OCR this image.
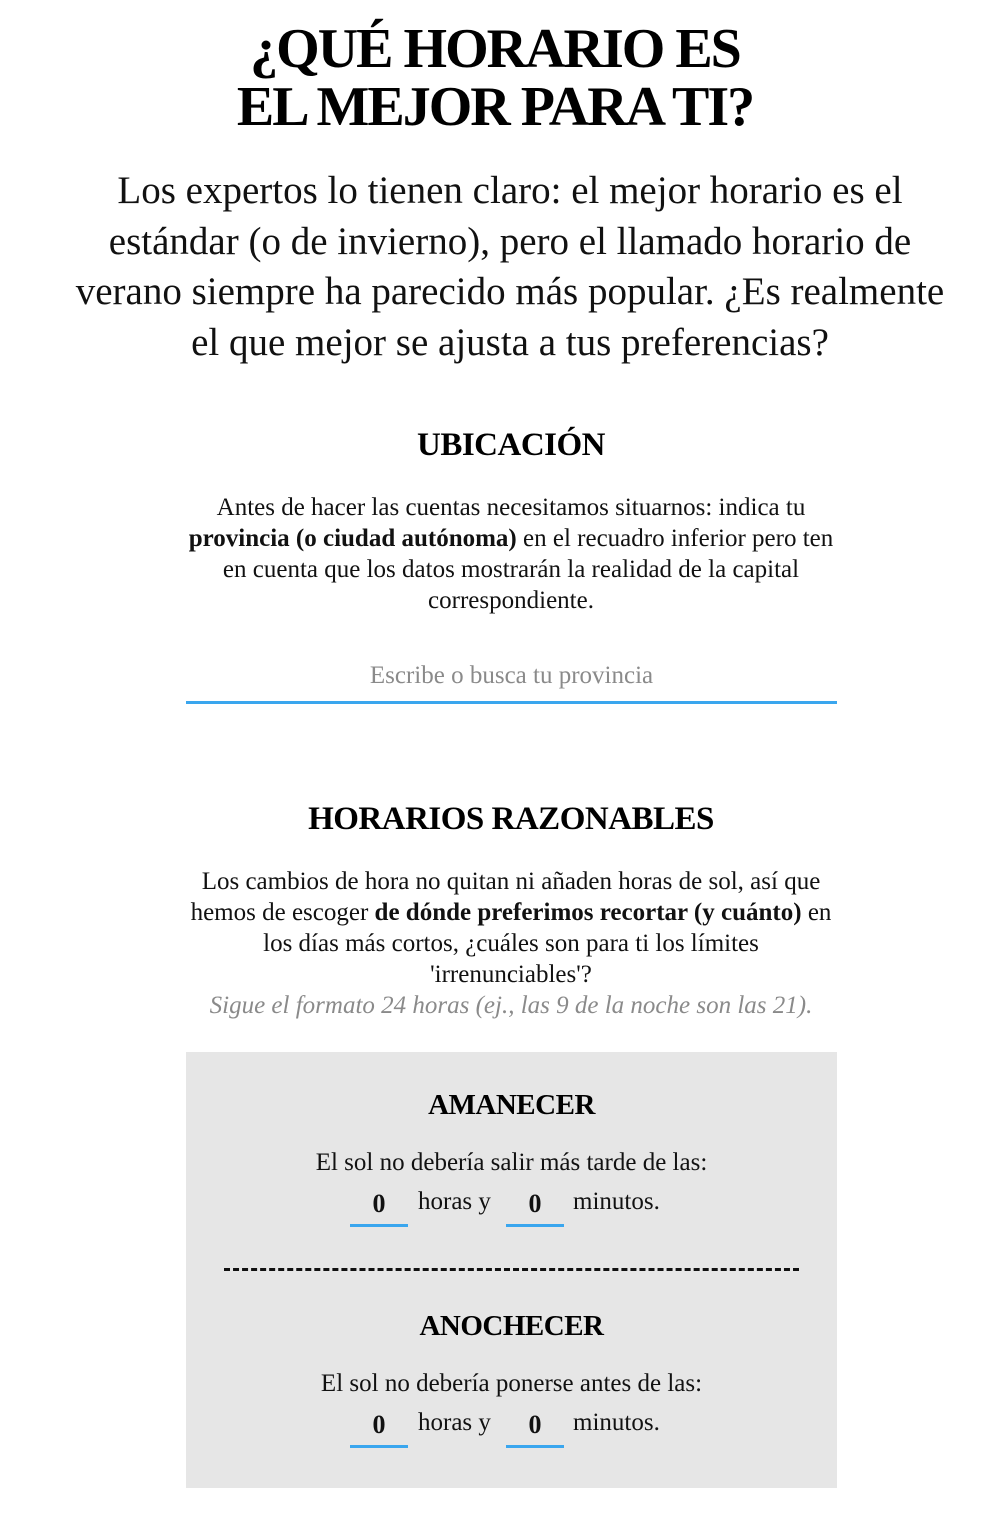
¿QUÉ HORARIO ES
EL MEJOR PARA TI?

Los expertos lo tienen claro: el mejor horario es el estándar (o de invierno), pero el llamado horario de verano siempre ha parecido más popular. ¿Es realmente el que mejor se ajusta a tus preferencias?

UBICACIÓN

Antes de hacer las cuentas necesitamos situarnos: indica tu provincia (o ciudad autónoma) en el recuadro inferior pero ten en cuenta que los datos mostrarán la realidad de la capital correspondiente.

Escribe o busca tu provincia
HORARIOS RAZONABLES

Los cambios de hora no quitan ni añaden horas de sol, así que hemos de escoger de dónde preferimos recortar (y cuánto) en los días más cortos, ¿cuáles son para ti los límites 'irrenunciables'?
Sigue el formato 24 horas (ej., las 9 de la noche son las 21).

AMANECER

El sol no debería salir más tarde de las:

0
horas y
0	minutos.
ANOCHECER

El sol no debería ponerse antes de las:

0
horas y
0	minutos.
